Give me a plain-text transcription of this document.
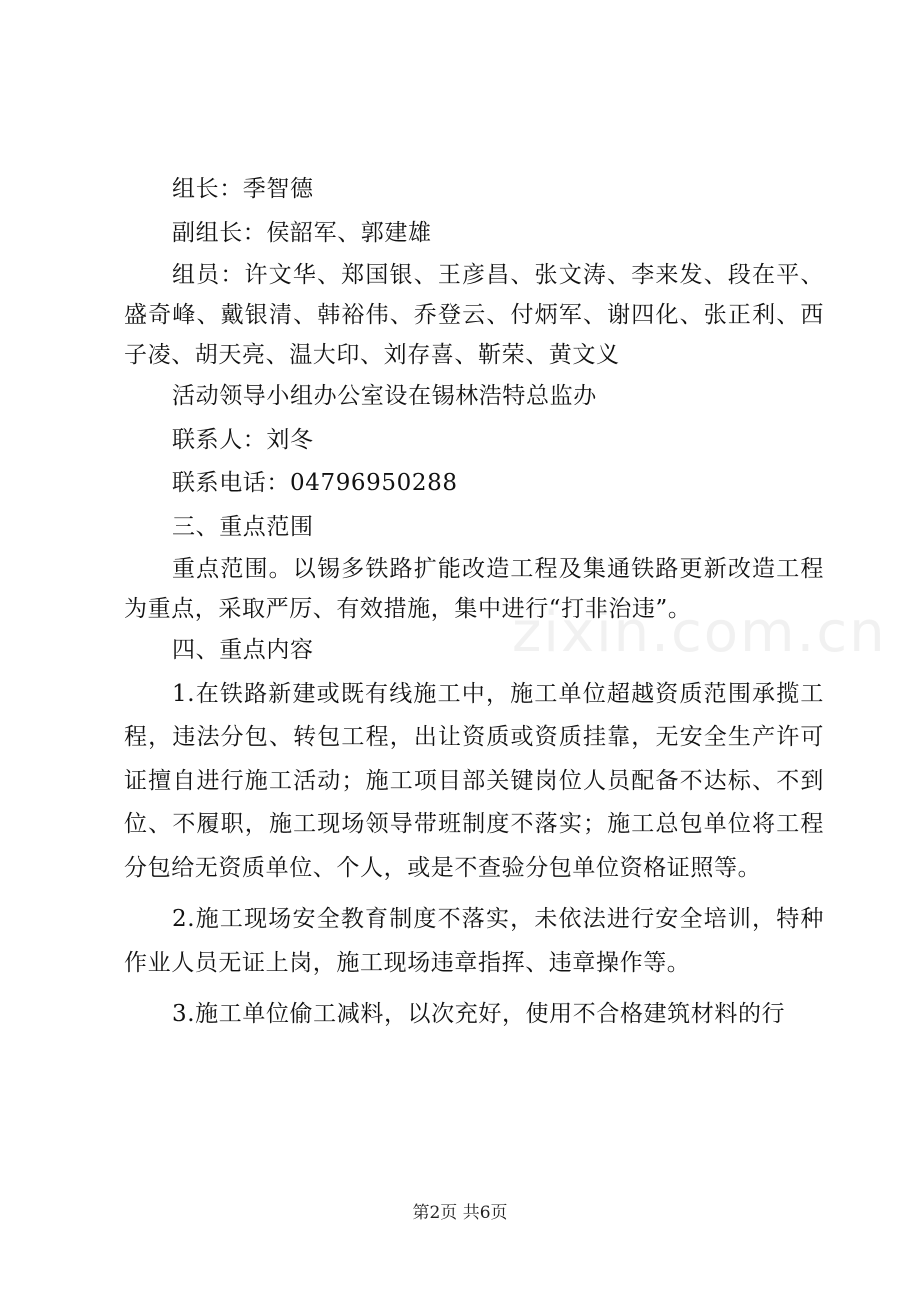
组长：季智德

副组长：侯韶军、郭建雄

组员：许文华、郑国银、王彦昌、张文涛、李来发、段在平、盛奇峰、戴银清、韩裕伟、乔登云、付炳军、谢四化、张正利、西子凌、胡天亮、温大印、刘存喜、靳荣、黄文义

活动领导小组办公室设在锡林浩特总监办

联系人：刘冬

联系电话：04796950288

三、重点范围

重点范围。以锡多铁路扩能改造工程及集通铁路更新改造工程为重点，采取严厉、有效措施，集中进行“打非治违”。

四、重点内容

1.在铁路新建或既有线施工中，施工单位超越资质范围承揽工程，违法分包、转包工程，出让资质或资质挂靠，无安全生产许可证擅自进行施工活动；施工项目部关键岗位人员配备不达标、不到位、不履职，施工现场领导带班制度不落实；施工总包单位将工程分包给无资质单位、个人，或是不查验分包单位资格证照等。

2.施工现场安全教育制度不落实，未依法进行安全培训，特种作业人员无证上岗，施工现场违章指挥、违章操作等。

3.施工单位偷工减料，以次充好，使用不合格建筑材料的行

zixin.com.cn
第2页 共6页
